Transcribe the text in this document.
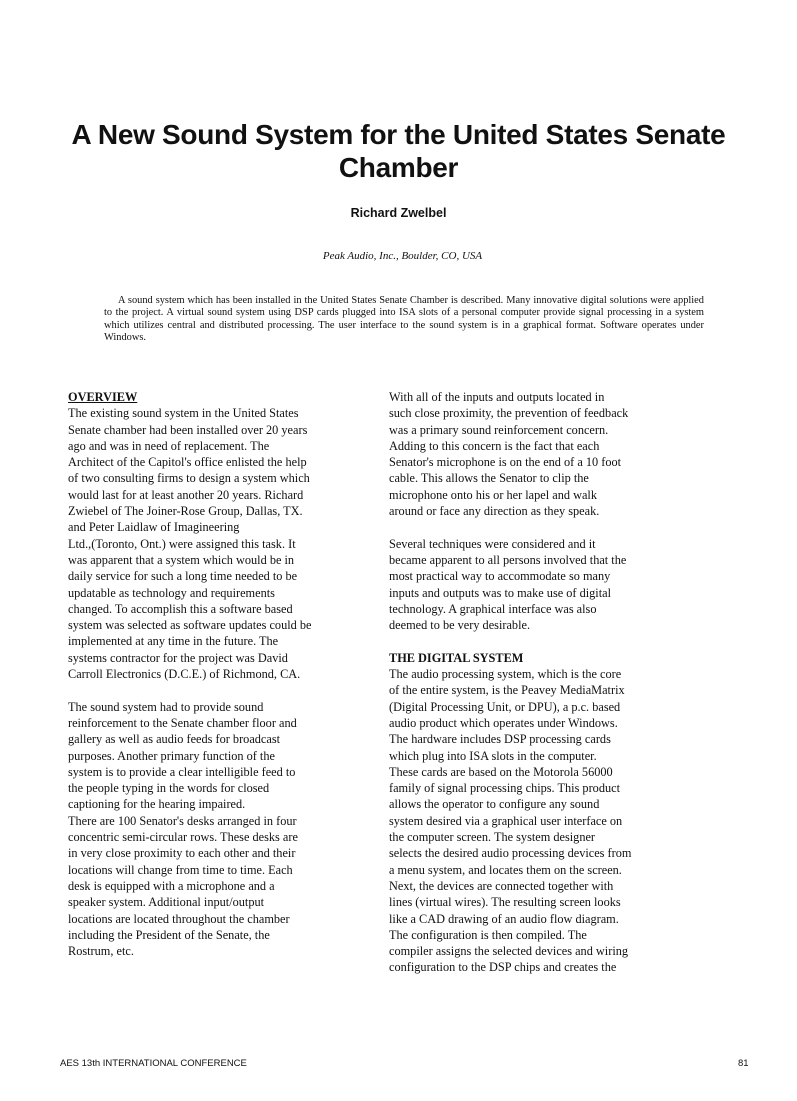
A New Sound System for the United States Senate
Chamber
Richard Zwelbel
Peak Audio, Inc., Boulder, CO, USA

A sound system which has been installed in the United States Senate Chamber is described. Many innovative digital solutions were applied to the project. A virtual sound system using DSP cards plugged into ISA slots of a personal computer provide signal processing in a system which utilizes central and distributed processing. The user interface to the sound system is in a graphical format. Software operates under Windows.

OVERVIEW
The existing sound system in the United States
Senate chamber had been installed over 20 years
ago and was in need of replacement. The
Architect of the Capitol's office enlisted the help
of two consulting firms to design a system which
would last for at least another 20 years. Richard
Zwiebel of The Joiner-Rose Group, Dallas, TX.
and Peter Laidlaw of Imagineering
Ltd.,(Toronto, Ont.) were assigned this task. It
was apparent that a system which would be in
daily service for such a long time needed to be
updatable as technology and requirements
changed. To accomplish this a software based
system was selected as software updates could be
implemented at any time in the future. The
systems contractor for the project was David
Carroll Electronics (D.C.E.) of Richmond, CA.
The sound system had to provide sound
reinforcement to the Senate chamber floor and
gallery as well as audio feeds for broadcast
purposes. Another primary function of the
system is to provide a clear intelligible feed to
the people typing in the words for closed
captioning for the hearing impaired.
There are 100 Senator's desks arranged in four
concentric semi-circular rows. These desks are
in very close proximity to each other and their
locations will change from time to time. Each
desk is equipped with a microphone and a
speaker system. Additional input/output
locations are located throughout the chamber
including the President of the Senate, the
Rostrum, etc.
With all of the inputs and outputs located in
such close proximity, the prevention of feedback
was a primary sound reinforcement concern.
Adding to this concern is the fact that each
Senator's microphone is on the end of a 10 foot
cable. This allows the Senator to clip the
microphone onto his or her lapel and walk
around or face any direction as they speak.
Several techniques were considered and it
became apparent to all persons involved that the
most practical way to accommodate so many
inputs and outputs was to make use of digital
technology. A graphical interface was also
deemed to be very desirable.
THE DIGITAL SYSTEM
The audio processing system, which is the core
of the entire system, is the Peavey MediaMatrix
(Digital Processing Unit, or DPU), a p.c. based
audio product which operates under Windows.
The hardware includes DSP processing cards
which plug into ISA slots in the computer.
These cards are based on the Motorola 56000
family of signal processing chips. This product
allows the operator to configure any sound
system desired via a graphical user interface on
the computer screen. The system designer
selects the desired audio processing devices from
a menu system, and locates them on the screen.
Next, the devices are connected together with
lines (virtual wires). The resulting screen looks
like a CAD drawing of an audio flow diagram.
The configuration is then compiled. The
compiler assigns the selected devices and wiring
configuration to the DSP chips and creates the
AES 13th INTERNATIONAL CONFERENCE	81
